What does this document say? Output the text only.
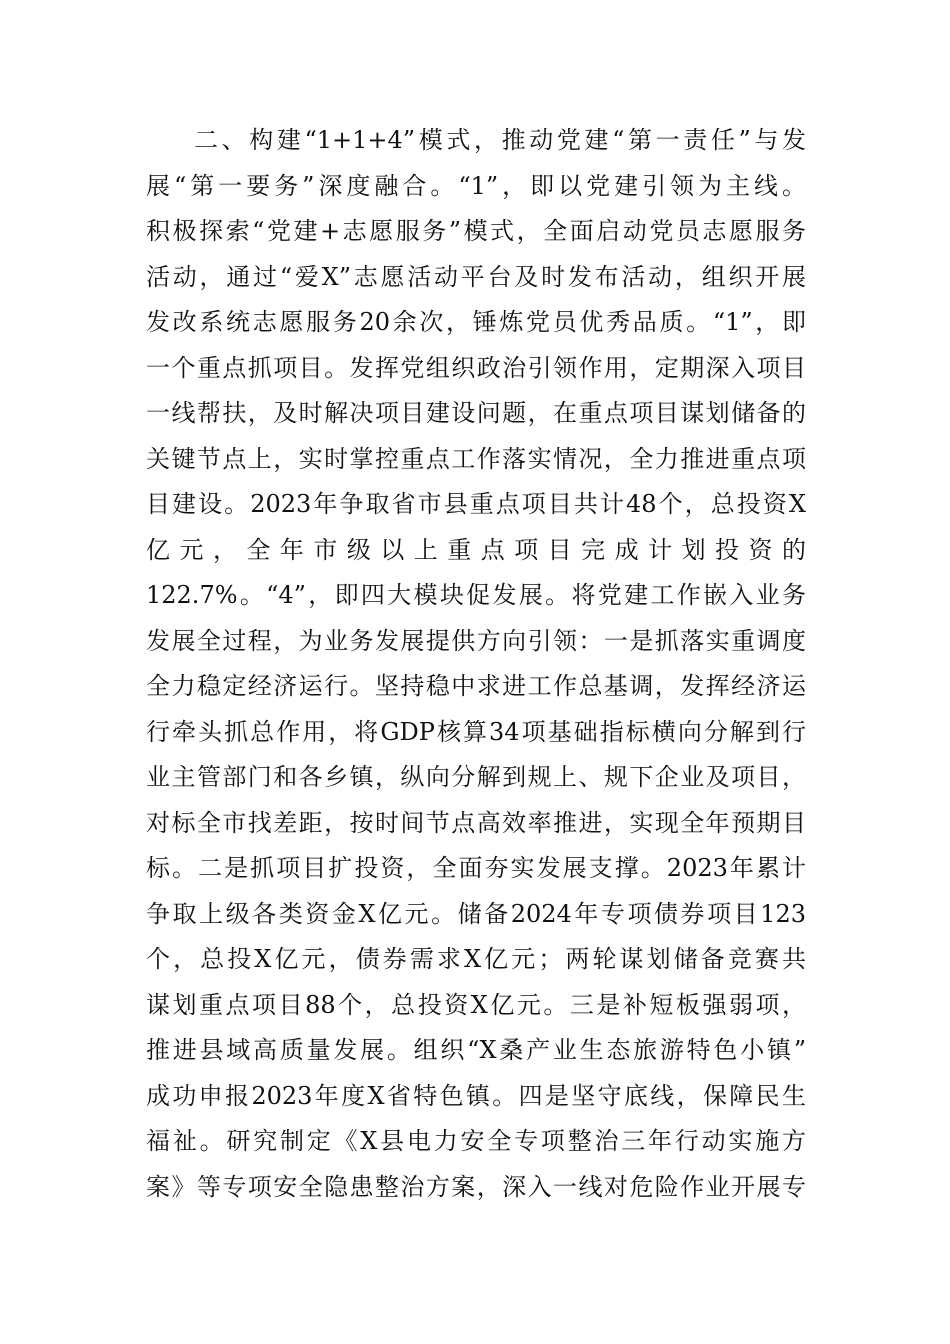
二、构建“1+1+4”模式，推动党建“第一责任”与发
展“第一要务”深度融合。“1”，即以党建引领为主线。
积极探索“党建+志愿服务”模式，全面启动党员志愿服务
活动，通过“爱X”志愿活动平台及时发布活动，组织开展
发改系统志愿服务20余次，锤炼党员优秀品质。“1”，即
一个重点抓项目。发挥党组织政治引领作用，定期深入项目
一线帮扶，及时解决项目建设问题，在重点项目谋划储备的
关键节点上，实时掌控重点工作落实情况，全力推进重点项
目建设。2023年争取省市县重点项目共计48个，总投资X
亿元，全年市级以上重点项目完成计划投资的
122.7%。“4”，即四大模块促发展。将党建工作嵌入业务
发展全过程，为业务发展提供方向引领：一是抓落实重调度
全力稳定经济运行。坚持稳中求进工作总基调，发挥经济运
行牵头抓总作用，将GDP核算34项基础指标横向分解到行
业主管部门和各乡镇，纵向分解到规上、规下企业及项目，
对标全市找差距，按时间节点高效率推进，实现全年预期目
标。二是抓项目扩投资，全面夯实发展支撑。2023年累计
争取上级各类资金X亿元。储备2024年专项债券项目123
个，总投X亿元，债券需求X亿元；两轮谋划储备竞赛共
谋划重点项目88个，总投资X亿元。三是补短板强弱项，
推进县域高质量发展。组织“X桑产业生态旅游特色小镇”
成功申报2023年度X省特色镇。四是坚守底线，保障民生
福祉。研究制定《X县电力安全专项整治三年行动实施方
案》等专项安全隐患整治方案，深入一线对危险作业开展专
